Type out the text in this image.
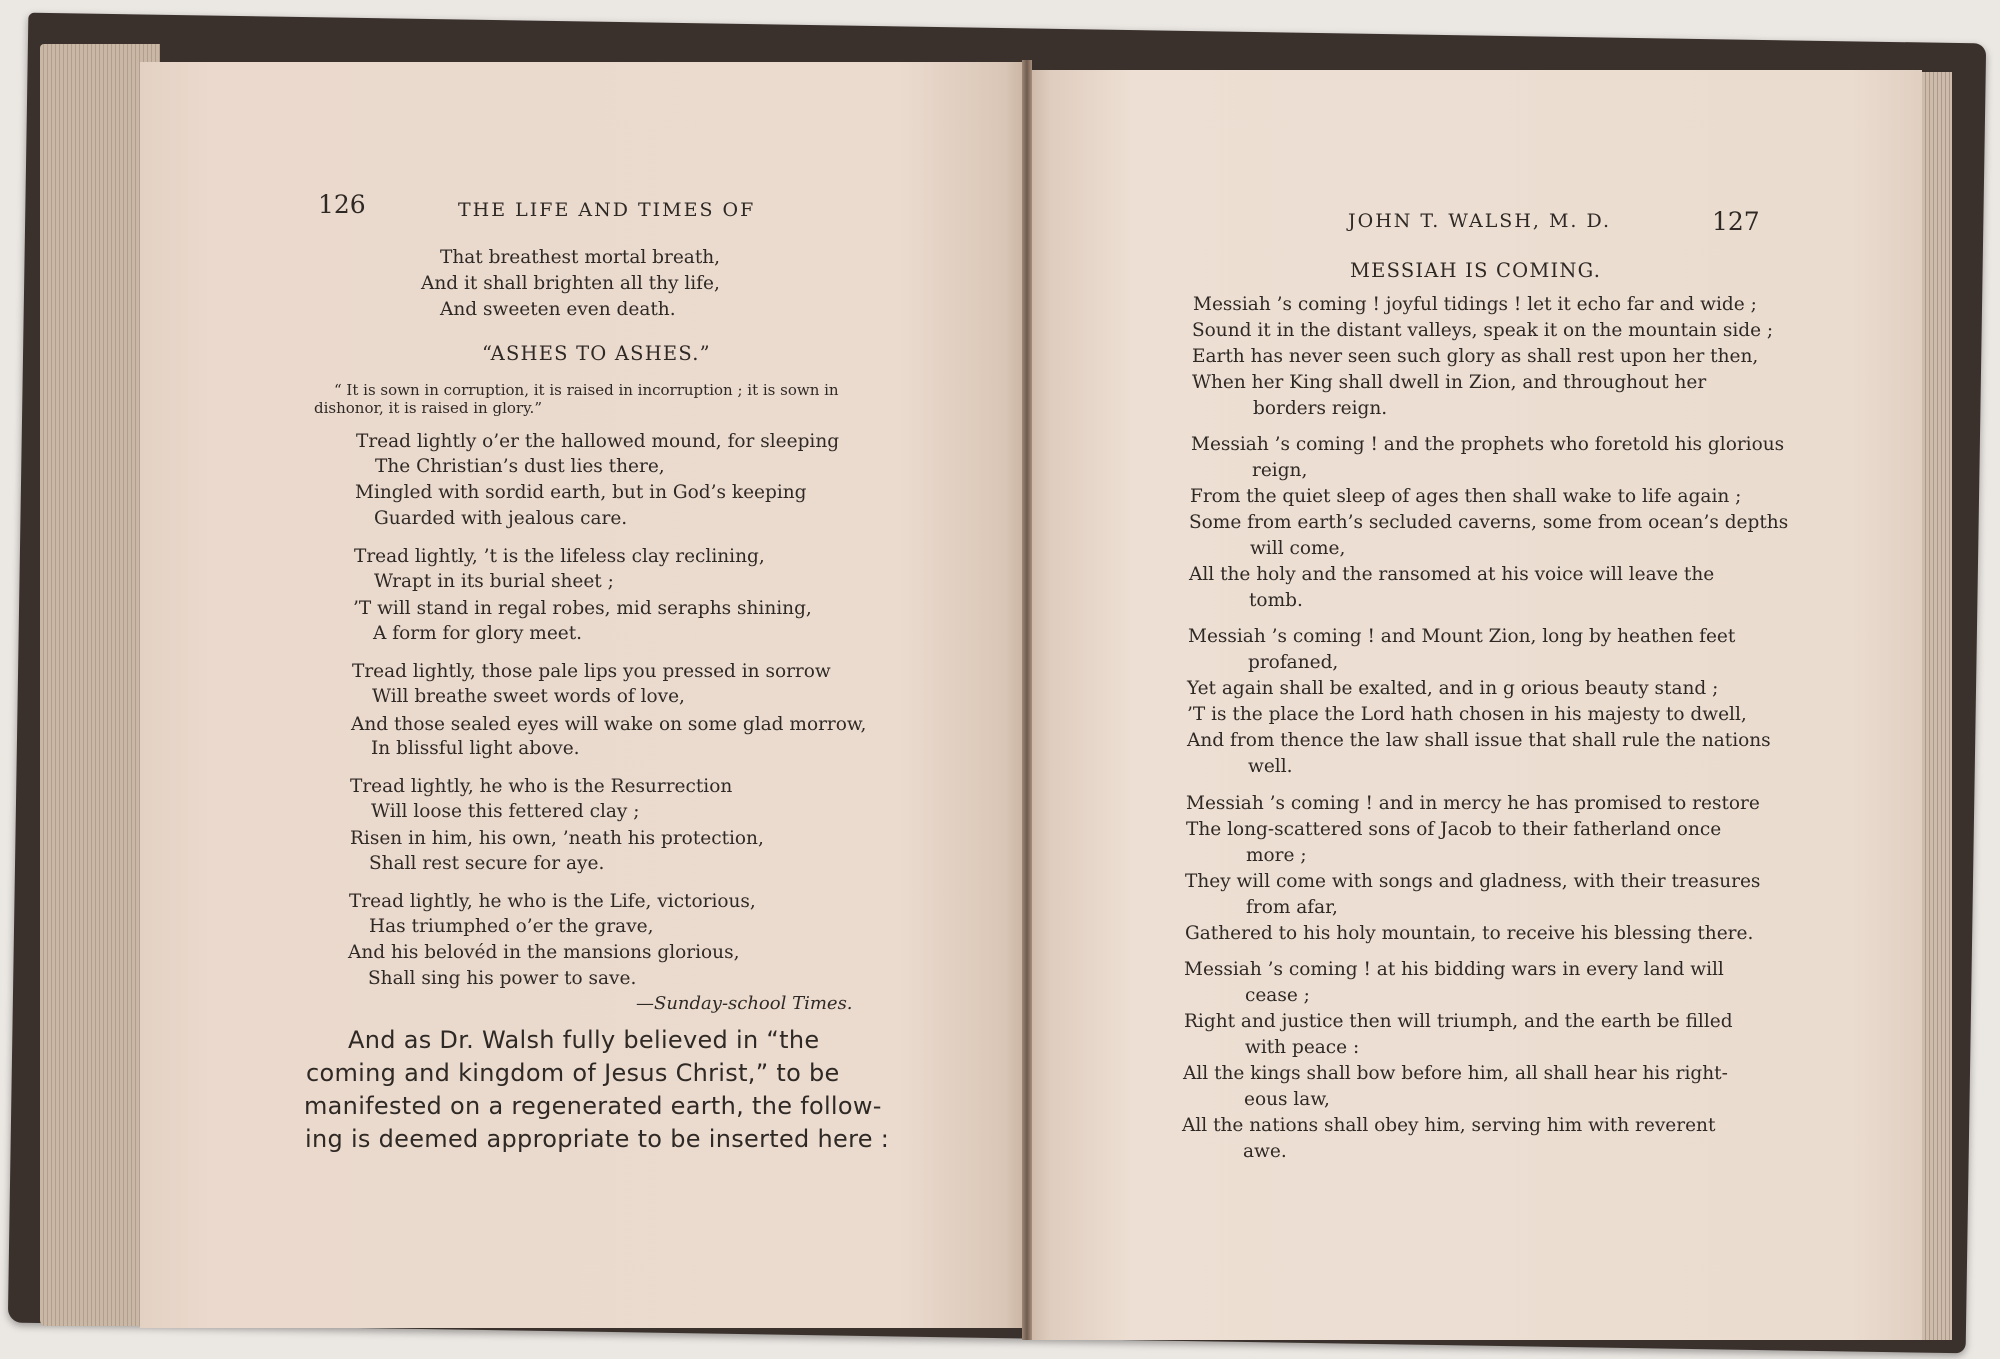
126	THE LIFE AND TIMES OF
That breathest mortal breath,
And it shall brighten all thy life,
And sweeten even death.
“ASHES TO ASHES.”
“ It is sown in corruption, it is raised in incorruption ; it is sown in
dishonor, it is raised in glory.”
Tread lightly o’er the hallowed mound, for sleeping
The Christian’s dust lies there,
Mingled with sordid earth, but in God’s keeping
Guarded with jealous care.
Tread lightly, ’t is the lifeless clay reclining,
Wrapt in its burial sheet ;
’T will stand in regal robes, mid seraphs shining,
A form for glory meet.
Tread lightly, those pale lips you pressed in sorrow
Will breathe sweet words of love,
And those sealed eyes will wake on some glad morrow,
In blissful light above.
Tread lightly, he who is the Resurrection
Will loose this fettered clay ;
Risen in him, his own, ’neath his protection,
Shall rest secure for aye.
Tread lightly, he who is the Life, victorious,
Has triumphed o’er the grave,
And his belovéd in the mansions glorious,
Shall sing his power to save.
—Sunday-school Times.
And as Dr. Walsh fully believed in “the
coming and kingdom of Jesus Christ,” to be
manifested on a regenerated earth, the follow-
ing is deemed appropriate to be inserted here :
JOHN T. WALSH, M. D.	127
MESSIAH IS COMING.
Messiah ’s coming ! joyful tidings ! let it echo far and wide ;
Sound it in the distant valleys, speak it on the mountain side ;
Earth has never seen such glory as shall rest upon her then,
When her King shall dwell in Zion, and throughout her
borders reign.
Messiah ’s coming ! and the prophets who foretold his glorious
reign,
From the quiet sleep of ages then shall wake to life again ;
Some from earth’s secluded caverns, some from ocean’s depths
will come,
All the holy and the ransomed at his voice will leave the
tomb.
Messiah ’s coming ! and Mount Zion, long by heathen feet
profaned,
Yet again shall be exalted, and in g orious beauty stand ;
’T is the place the Lord hath chosen in his majesty to dwell,
And from thence the law shall issue that shall rule the nations
well.
Messiah ’s coming ! and in mercy he has promised to restore
The long-scattered sons of Jacob to their fatherland once
more ;
They will come with songs and gladness, with their treasures
from afar,
Gathered to his holy mountain, to receive his blessing there.
Messiah ’s coming ! at his bidding wars in every land will
cease ;
Right and justice then will triumph, and the earth be filled
with peace :
All the kings shall bow before him, all shall hear his right-
eous law,
All the nations shall obey him, serving him with reverent
awe.
